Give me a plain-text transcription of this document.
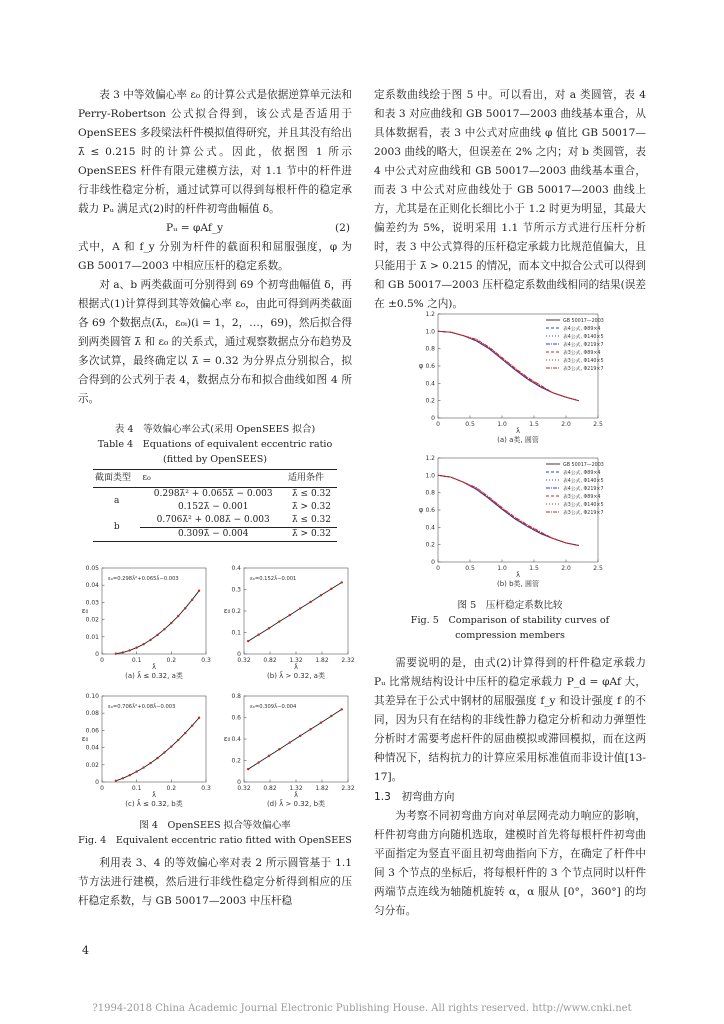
表 3 中等效偏心率 ε₀ 的计算公式是依据逆算单元法和 Perry-Robertson 公式拟合得到，该公式是否适用于 OpenSEES 多段梁法杆件模拟值得研究，并且其没有给出 λ̄ ≤ 0.215 时的计算公式。因此，依据图 1 所示 OpenSEES 杆件有限元建模方法，对 1.1 节中的杆件进行非线性稳定分析，通过试算可以得到每根杆件的稳定承载力 Pᵤ 满足式(2)时的杆件初弯曲幅值 δ。

Pᵤ = φAf_y	(2)

式中，A 和 f_y 分别为杆件的截面积和屈服强度，φ 为 GB 50017—2003 中相应压杆的稳定系数。

对 a、b 两类截面可分别得到 69 个初弯曲幅值 δ，再根据式(1)计算得到其等效偏心率 ε₀，由此可得到两类截面各 69 个数据点(λ̄ᵢ，ε₀ᵢ)(i = 1，2，…，69)，然后拟合得到两类圆管 λ̄ 和 ε₀ 的关系式，通过观察数据点分布趋势及多次试算，最终确定以 λ̄ = 0.32 为分界点分别拟合，拟合得到的公式列于表 4，数据点分布和拟合曲线如图 4 所示。

表 4　等效偏心率公式(采用 OpenSEES 拟合)
Table 4　Equations of equivalent eccentric ratio
(fitted by OpenSEES)
截面类型	ε₀	适用条件
a	0.298λ̄² + 0.065λ̄ − 0.003	λ̄ ≤ 0.32
	0.152λ̄ − 0.001	λ̄ > 0.32
b	0.706λ̄² + 0.08λ̄ − 0.003	λ̄ ≤ 0.32
	0.309λ̄ − 0.004	λ̄ > 0.32
0	0.1	0.2	0.3
0
0.01
0.02
0.03
0.04
0.05
ε₀
λ̄
(a) λ̄ ≤ 0.32, a类
ε₀=0.298λ̄²+0.065λ̄−0.003
0.32 0.82 1.32 1.82 2.32
0
0.1
0.2
0.3
0.4
ε₀
λ̄
(b) λ̄ > 0.32, a类
ε₀=0.152λ̄−0.001
0	0.1	0.2	0.3
0
0.02
0.04
0.06
0.08
0.10
ε₀
λ̄
(c) λ̄ ≤ 0.32, b类
ε₀=0.706λ̄²+0.08λ̄−0.003
0.32 0.82 1.32 1.82 2.32
0
0.2
0.4
0.6
0.8
ε₀
λ̄
(d) λ̄ > 0.32, b类
ε₀=0.309λ̄−0.004
图 4　OpenSEES 拟合等效偏心率
Fig. 4　Equivalent eccentric ratio fitted with OpenSEES

利用表 3、4 的等效偏心率对表 2 所示圆管基于 1.1 节方法进行建模，然后进行非线性稳定分析得到相应的压杆稳定系数，与 GB 50017—2003 中压杆稳

定系数曲线绘于图 5 中。可以看出，对 a 类圆管，表 4 和表 3 对应曲线和 GB 50017—2003 曲线基本重合，从具体数据看，表 3 中公式对应曲线 φ 值比 GB 50017—2003 曲线的略大，但误差在 2% 之内；对 b 类圆管，表 4 中公式对应曲线和 GB 50017—2003 曲线基本重合，而表 3 中公式对应曲线处于 GB 50017—2003 曲线上方，尤其是在正则化长细比小于 1.2 时更为明显，其最大偏差约为 5%，说明采用 1.1 节所示方式进行压杆分析时，表 3 中公式算得的压杆稳定承载力比规范值偏大，且只能用于 λ̄ > 0.215 的情况，而本文中拟合公式可以得到和 GB 50017—2003 压杆稳定系数曲线相同的结果(误差在 ±0.5% 之内)。

0	0.5	1.0	1.5	2.0	2.5
0
0.2
0.4
0.6
0.8
1.0
1.2
φ
λ̄
(a) a类, 圆管
GB 50017—2003
表4公式, Φ89×4
表4公式, Φ140×5
表4公式, Φ219×7
表3公式, Φ89×4
表3公式, Φ140×5
表3公式, Φ219×7
0	0.5	1.0	1.5	2.0	2.5
0
0.2
0.4
0.6
0.8
1.0
1.2
φ
λ̄
(b) b类, 圆管
GB 50017—2003
表4公式, Φ89×4
表4公式, Φ140×5
表4公式, Φ219×7
表3公式, Φ89×4
表3公式, Φ140×5
表3公式, Φ219×7
图 5　压杆稳定系数比较
Fig. 5　Comparison of stability curves of
compression members

需要说明的是，由式(2)计算得到的杆件稳定承载力 Pᵤ 比常规结构设计中压杆的稳定承载力 P_d = φAf 大，其差异在于公式中钢材的屈服强度 f_y 和设计强度 f 的不同，因为只有在结构的非线性静力稳定分析和动力弹塑性分析时才需要考虑杆件的屈曲模拟或滞回模拟，而在这两种情况下，结构抗力的计算应采用标准值而非设计值[13-17]。

1.3　初弯曲方向

为考察不同初弯曲方向对单层网壳动力响应的影响，杆件初弯曲方向随机选取，建模时首先将每根杆件初弯曲平面指定为竖直平面且初弯曲指向下方，在确定了杆件中间 3 个节点的坐标后，将每根杆件的 3 个节点同时以杆件两端节点连线为轴随机旋转 α，α 服从 [0°，360°] 的均匀分布。

4
?1994-2018 China Academic Journal Electronic Publishing House. All rights reserved. http://www.cnki.net
